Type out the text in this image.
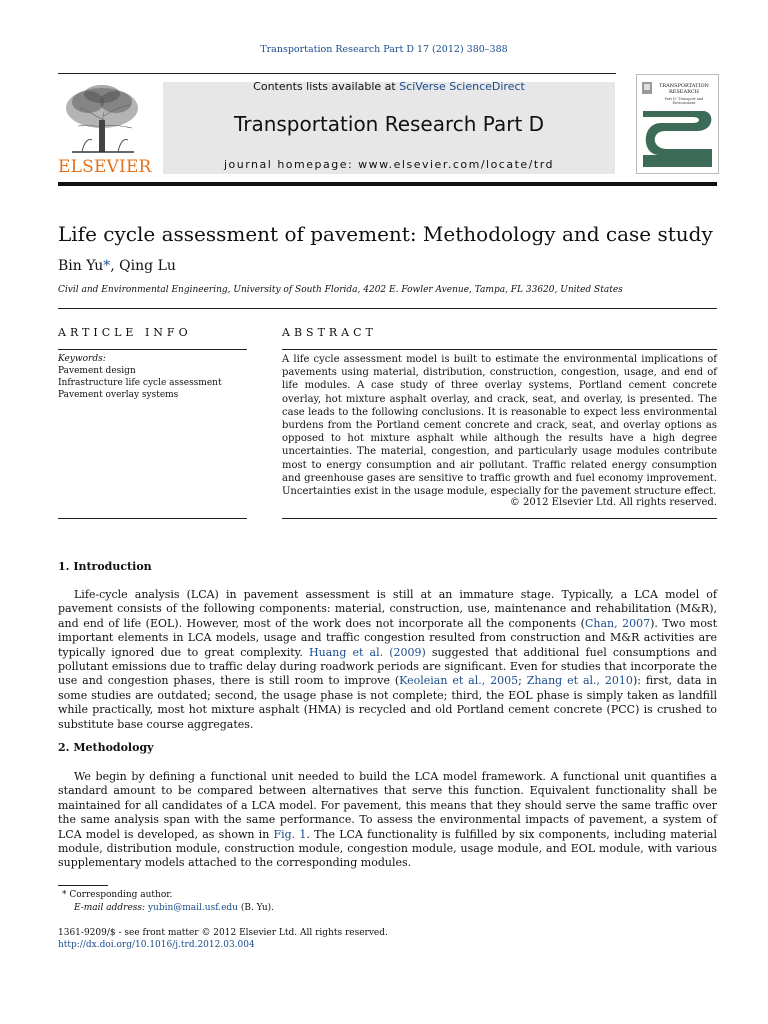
Transportation Research Part D 17 (2012) 380–388
ELSEVIER
Contents lists available at SciVerse ScienceDirect
Transportation Research Part D
journal homepage: www.elsevier.com/locate/trd
TRANSPORTATION RESEARCH
Part D: Transport and Environment
Life cycle assessment of pavement: Methodology and case study
Bin Yu*, Qing Lu
Civil and Environmental Engineering, University of South Florida, 4202 E. Fowler Avenue, Tampa, FL 33620, United States
ARTICLE INFO
Keywords:
Pavement design
Infrastructure life cycle assessment
Pavement overlay systems
ABSTRACT
A life cycle assessment model is built to estimate the environmental implications of pavements using material, distribution, construction, congestion, usage, and end of life modules. A case study of three overlay systems, Portland cement concrete overlay, hot mixture asphalt overlay, and crack, seat, and overlay, is presented. The case leads to the following conclusions. It is reasonable to expect less environmental burdens from the Portland cement concrete and crack, seat, and overlay options as opposed to hot mixture asphalt while although the results have a high degree uncertainties. The material, congestion, and particularly usage modules contribute most to energy consumption and air pollutant. Traffic related energy consumption and greenhouse gases are sensitive to traffic growth and fuel economy improvement. Uncertainties exist in the usage module, especially for the pavement structure effect.
© 2012 Elsevier Ltd. All rights reserved.
1. Introduction

Life-cycle analysis (LCA) in pavement assessment is still at an immature stage. Typically, a LCA model of pavement consists of the following components: material, construction, use, maintenance and rehabilitation (M&R), and end of life (EOL). However, most of the work does not incorporate all the components (Chan, 2007). Two most important elements in LCA models, usage and traffic congestion resulted from construction and M&R activities are typically ignored due to great complexity. Huang et al. (2009) suggested that additional fuel consumptions and pollutant emissions due to traffic delay during roadwork periods are significant. Even for studies that incorporate the use and congestion phases, there is still room to improve (Keoleian et al., 2005; Zhang et al., 2010): first, data in some studies are outdated; second, the usage phase is not complete; third, the EOL phase is simply taken as landfill while practically, most hot mixture asphalt (HMA) is recycled and old Portland cement concrete (PCC) is crushed to substitute base course aggregates.

2. Methodology

We begin by defining a functional unit needed to build the LCA model framework. A functional unit quantifies a standard amount to be compared between alternatives that serve this function. Equivalent functionality shall be maintained for all candidates of a LCA model. For pavement, this means that they should serve the same traffic over the same analysis span with the same performance. To assess the environmental impacts of pavement, a system of LCA model is developed, as shown in Fig. 1. The LCA functionality is fulfilled by six components, including material module, distribution module, construction module, congestion module, usage module, and EOL module, with various supplementary models attached to the corresponding modules.

* Corresponding author.
E-mail address: yubin@mail.usf.edu (B. Yu).
1361-9209/$ - see front matter © 2012 Elsevier Ltd. All rights reserved.
http://dx.doi.org/10.1016/j.trd.2012.03.004
